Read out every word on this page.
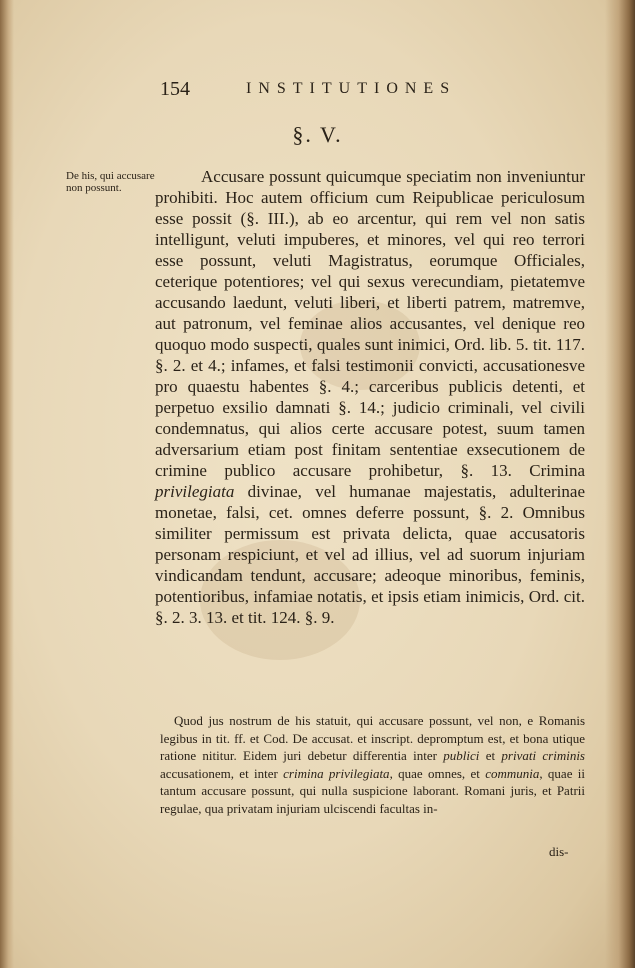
154	INSTITUTIONES
§. V.
De his, qui accusare non possunt.

Accusare possunt quicumque speciatim non inveniuntur prohibiti. Hoc autem officium cum Reipublicae periculosum esse possit (§. III.), ab eo arcentur, qui rem vel non satis intelligunt, veluti impuberes, et minores, vel qui reo terrori esse possunt, veluti Magistratus, eorumque Officiales, ceterique potentiores; vel qui sexus verecundiam, pietatemve accusando laedunt, veluti liberi, et liberti patrem, matremve, aut patronum, vel feminae alios accusantes, vel denique reo quoquo modo suspecti, quales sunt inimici, Ord. lib. 5. tit. 117. §. 2. et 4.; infames, et falsi testimonii convicti, accusationesve pro quaestu habentes §. 4.; carceribus publicis detenti, et perpetuo exsilio damnati §. 14.; judicio criminali, vel civili condemnatus, qui alios certe accusare potest, suum tamen adversarium etiam post finitam sententiae exsecutionem de crimine publico accusare prohibetur, §. 13. Crimina privilegiata divinae, vel humanae majestatis, adulterinae monetae, falsi, cet. omnes deferre possunt, §. 2. Omnibus similiter permissum est privata delicta, quae accusatoris personam respiciunt, et vel ad illius, vel ad suorum injuriam vindicandam tendunt, accusare; adeoque minoribus, feminis, potentioribus, infamiae notatis, et ipsis etiam inimicis, Ord. cit. §. 2. 3. 13. et tit. 124. §. 9.

Quod jus nostrum de his statuit, qui accusare possunt, vel non, e Romanis legibus in tit. ff. et Cod. De accusat. et inscript. depromptum est, et bona utique ratione nititur. Eidem juri debetur differentia inter publici et privati criminis accusationem, et inter crimina privilegiata, quae omnes, et communia, quae ii tantum accusare possunt, qui nulla suspicione laborant. Romani juris, et Patrii regulae, qua privatam injuriam ulciscendi facultas in-

dis-
